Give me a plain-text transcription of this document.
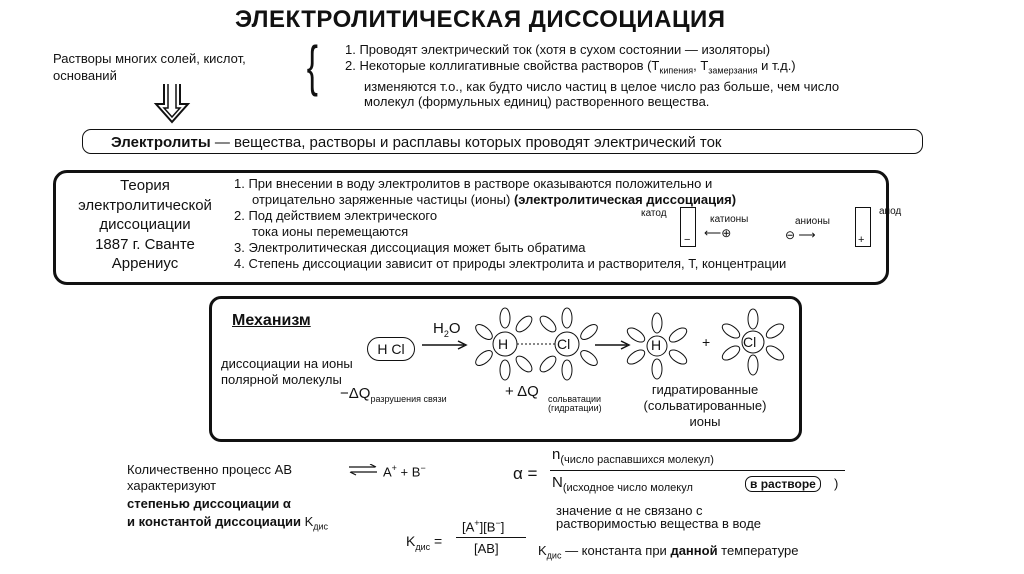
ЭЛЕКТРОЛИТИЧЕСКАЯ ДИССОЦИАЦИЯ
Растворы многих солей, кислот, оснований	{ 1. Проводят электрический ток (хотя в сухом состоянии — изоляторы)
2. Некоторые коллигативные свойства растворов ($T_{кипения}$, $T_{замерзания}$ и т.д.)
изменяются т.о., как будто число частиц в целое число раз больше, чем число
молекул (формульных единиц) растворенного вещества.
Электролиты — вещества, растворы и расплавы которых проводят электрический ток
Теория
электролитической
диссоциации
1887 г. Сванте
Аррениус
1. При внесении в воду электролитов в растворе оказываются положительно и
отрицательно заряженные частицы (ионы) (электролитическая диссоциация)
2. Под действием электрического
тока ионы перемещаются
3. Электролитическая диссоциация может быть обратима
4. Степень диссоциации зависит от природы электролита и растворителя, T, концентрации
катод	анод
−	+
катионы	анионы
⟵⊕	⊖ ⟶
Механизм
диссоциации на ионы полярной молекулы
H Cl
$H_2O$
H	Cl → H	+ Cl
$-\Delta Q_{разрушения связи}$	+ ΔQ сольватации
(гидратации)
гидратированные
(сольватированные)
ионы
Количественно процесс AB	⇌ A+ + B−
характеризуют
степенью диссоциации α
и константой диссоциации $K_{дис}$
α =
$n_{(число распавшихся молекул)}$
$N_{(исходное число молекул}$	в растворе	)
значение α не связано с
растворимостью вещества в воде
$K_{дис}$ =
[A+][B−]
[AB]	$K_{дис}$ — константа при данной температуре
